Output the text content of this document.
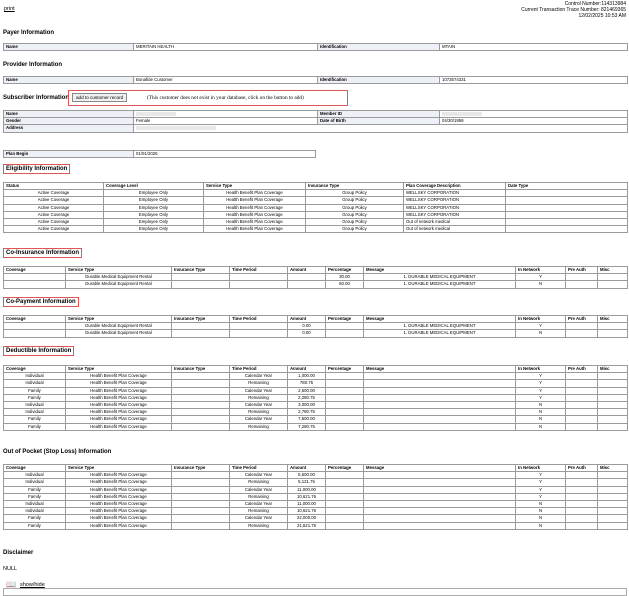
print
Control Number:114313984
Current Transaction Trace Number: 821469365
12/02/2025 10:53 AM
Payer Information
Name	MERITAIN HEALTH	Identification	MTAIN
Provider Information
Name	Bonafide Customer	Identification	1073574331
Subscriber Information	add to customer record	(This customer does not exist in your database, click on the button to add)
Name		Member ID	
Gender	Female	Date of Birth	04/30/1959
Address			
Plan Begin	01/01/2025
Eligibility Information
Status	Coverage Level	Service Type	Insurance Type	Plan Coverage Description	Date Type
Active Coverage	Employee Only	Health Benefit Plan Coverage	Group Policy	WELLSKY CORPORATION	
Active Coverage	Employee Only	Health Benefit Plan Coverage	Group Policy	WELLSKY CORPORATION	
Active Coverage	Employee Only	Health Benefit Plan Coverage	Group Policy	WELLSKY CORPORATION	
Active Coverage	Employee Only	Health Benefit Plan Coverage	Group Policy	WELLSKY CORPORATION	
Active Coverage	Employee Only	Health Benefit Plan Coverage	Group Policy	Out of network medical	
Active Coverage	Employee Only	Health Benefit Plan Coverage	Group Policy	Out of network medical	
Co-Insurance Information
Coverage	Service Type	Insurance Type	Time Period	Amount	Percentage	Message	In Network	Pre Auth	Misc
	Durable Medical Equipment Rental				30.00	1. DURABLE MEDICAL EQUIPMENT	Y		
	Durable Medical Equipment Rental				50.00	1. DURABLE MEDICAL EQUIPMENT	N		
Co-Payment Information
Coverage	Service Type	Insurance Type	Time Period	Amount	Percentage	Message	In Network	Pre Auth	Misc
	Durable Medical Equipment Rental			0.00		1. DURABLE MEDICAL EQUIPMENT	Y		
	Durable Medical Equipment Rental			0.00		1. DURABLE MEDICAL EQUIPMENT	N		
Deductible Information
Coverage	Service Type	Insurance Type	Time Period	Amount	Percentage	Message	In Network	Pre Auth	Misc
Individual	Health Benefit Plan Coverage		Calendar Year	1,000.00			Y		
Individual	Health Benefit Plan Coverage		Remaining	780.75			Y		
Family	Health Benefit Plan Coverage		Calendar Year	2,500.00			Y		
Family	Health Benefit Plan Coverage		Remaining	2,280.75			Y		
Individual	Health Benefit Plan Coverage		Calendar Year	3,000.00			N		
Individual	Health Benefit Plan Coverage		Remaining	2,780.75			N		
Family	Health Benefit Plan Coverage		Calendar Year	7,500.00			N		
Family	Health Benefit Plan Coverage		Remaining	7,280.75			N		
Out of Pocket (Stop Loss) Information
Coverage	Service Type	Insurance Type	Time Period	Amount	Percentage	Message	In Network	Pre Auth	Misc
Individual	Health Benefit Plan Coverage		Calendar Year	5,500.00			Y		
Individual	Health Benefit Plan Coverage		Remaining	5,121.76			Y		
Family	Health Benefit Plan Coverage		Calendar Year	11,000.00			Y		
Family	Health Benefit Plan Coverage		Remaining	10,621.76			Y		
Individual	Health Benefit Plan Coverage		Calendar Year	11,000.00			N		
Individual	Health Benefit Plan Coverage		Remaining	10,621.76			N		
Family	Health Benefit Plan Coverage		Calendar Year	22,000.00			N		
Family	Health Benefit Plan Coverage		Remaining	21,621.76			N		
Disclaimer
NULL
📖 show/hide
